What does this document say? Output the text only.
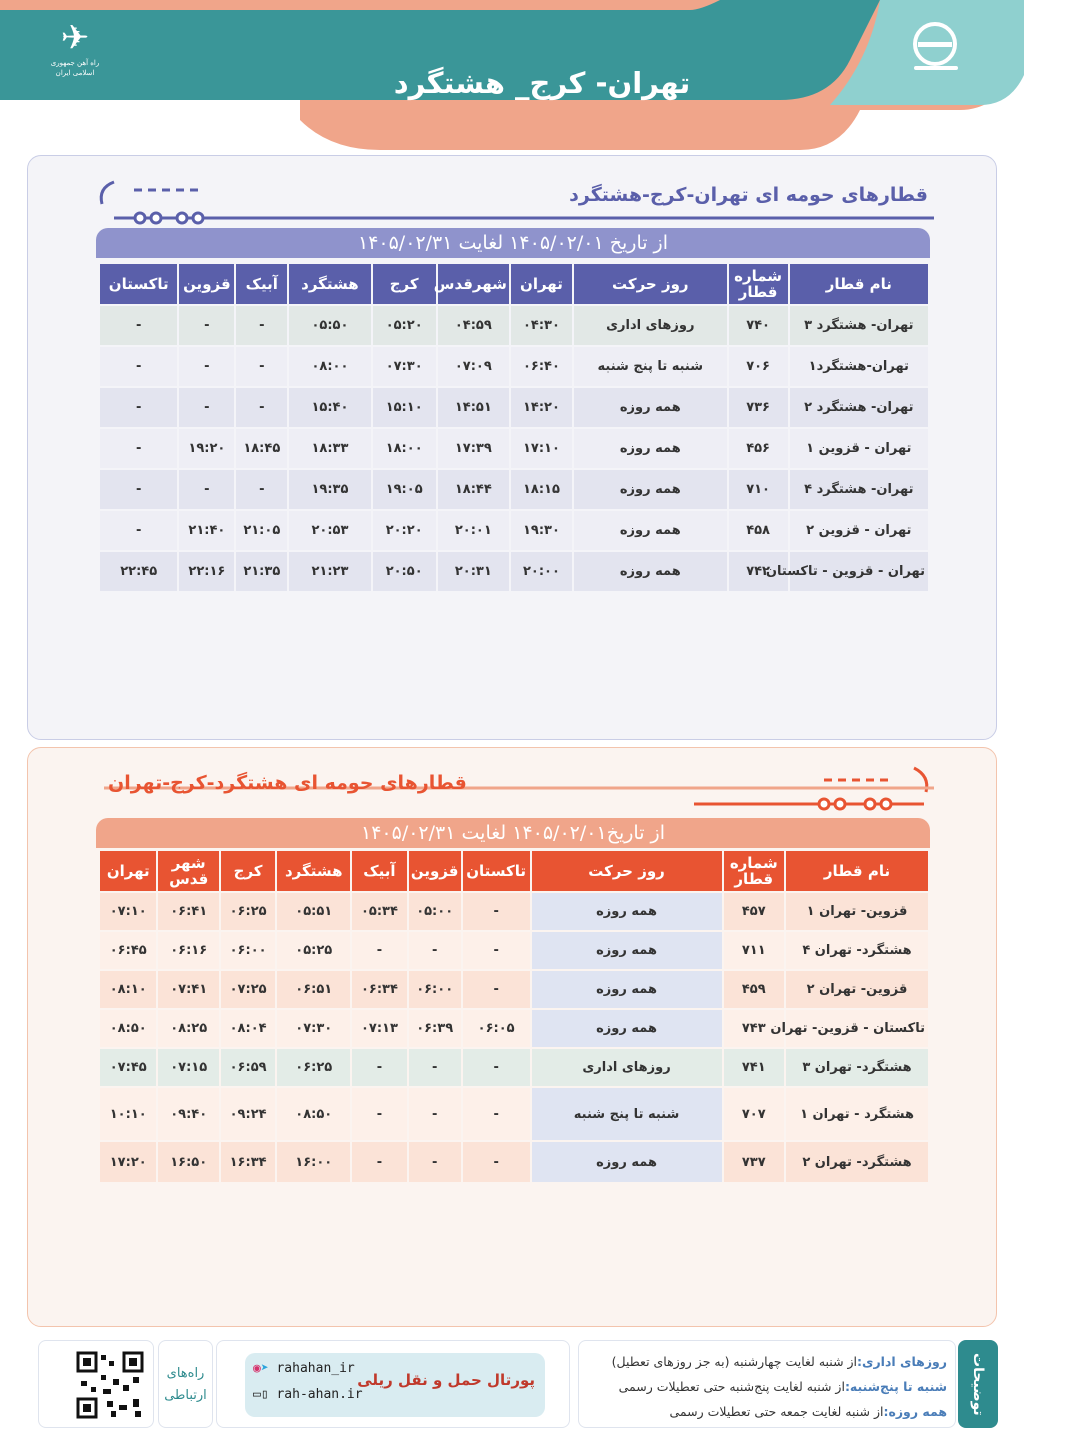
✈
راه آهن جمهوری اسلامی ایران	تهران- کرج_ هشتگرد
قطارهای حومه ای تهران-کرج-هشتگرد
از تاریخ ۱۴۰۵/۰۲/۰۱ لغایت ۱۴۰۵/۰۲/۳۱
نام قطار	شماره قطار	روز حرکت	تهران	شهرقدس	کرج	هشتگرد	آبیک	قزوین	تاکستان
تهران- هشتگرد ۳	۷۴۰	روزهای اداری	۰۴:۳۰	۰۴:۵۹	۰۵:۲۰	۰۵:۵۰	-	-	-
تهران-هشتگرد۱	۷۰۶	شنبه تا پنج شنبه	۰۶:۴۰	۰۷:۰۹	۰۷:۳۰	۰۸:۰۰	-	-	-
تهران- هشتگرد ۲	۷۳۶	همه روزه	۱۴:۲۰	۱۴:۵۱	۱۵:۱۰	۱۵:۴۰	-	-	-
تهران - قزوین ۱	۴۵۶	همه روزه	۱۷:۱۰	۱۷:۳۹	۱۸:۰۰	۱۸:۳۳	۱۸:۴۵	۱۹:۲۰	-
تهران- هشتگرد ۴	۷۱۰	همه روزه	۱۸:۱۵	۱۸:۴۴	۱۹:۰۵	۱۹:۳۵	-	-	-
تهران - قزوین ۲	۴۵۸	همه روزه	۱۹:۳۰	۲۰:۰۱	۲۰:۲۰	۲۰:۵۳	۲۱:۰۵	۲۱:۴۰	-
تهران - قزوین - تاکستان	۷۴۲	همه روزه	۲۰:۰۰	۲۰:۳۱	۲۰:۵۰	۲۱:۲۳	۲۱:۳۵	۲۲:۱۶	۲۲:۴۵
قطارهای حومه ای هشتگرد-کرج-تهران
از تاریخ۱۴۰۵/۰۲/۰۱ لغایت ۱۴۰۵/۰۲/۳۱
نام قطار	شماره قطار	روز حرکت	تاکستان	قزوین	آبیک	هشتگرد	کرج	شهر قدس	تهران
قزوین- تهران ۱	۴۵۷	همه روزه	-	۰۵:۰۰	۰۵:۳۴	۰۵:۵۱	۰۶:۲۵	۰۶:۴۱	۰۷:۱۰
هشتگرد- تهران ۴	۷۱۱	همه روزه	-	-	-	۰۵:۲۵	۰۶:۰۰	۰۶:۱۶	۰۶:۴۵
قزوین- تهران ۲	۴۵۹	همه روزه	-	۰۶:۰۰	۰۶:۳۴	۰۶:۵۱	۰۷:۲۵	۰۷:۴۱	۰۸:۱۰
تاکستان - قزوین- تهران	۷۴۳	همه روزه	۰۶:۰۵	۰۶:۳۹	۰۷:۱۳	۰۷:۳۰	۰۸:۰۴	۰۸:۲۵	۰۸:۵۰
هشتگرد- تهران ۳	۷۴۱	روزهای اداری	-	-	-	۰۶:۲۵	۰۶:۵۹	۰۷:۱۵	۰۷:۴۵
هشتگرد - تهران ۱	۷۰۷	شنبه تا پنج شنبه	-	-	-	۰۸:۵۰	۰۹:۲۴	۰۹:۴۰	۱۰:۱۰
هشتگرد- تهران ۲	۷۳۷	همه روزه	-	-	-	۱۶:۰۰	۱۶:۳۴	۱۶:۵۰	۱۷:۲۰
توضیحات
روزهای اداری:از شنبه لغایت چهارشنبه (به جز روزهای تعطیل)
شنبه تا پنج‌شنبه:از شنبه لغایت پنج‌شنبه حتی تعطیلات رسمی
همه روزه:از شنبه لغایت جمعه حتی تعطیلات رسمی
◉➤ rahahan_ir
▭▯ rah-ahan.ir
پورتال حمل و نقل ریلی
راه‌های ارتباطی
